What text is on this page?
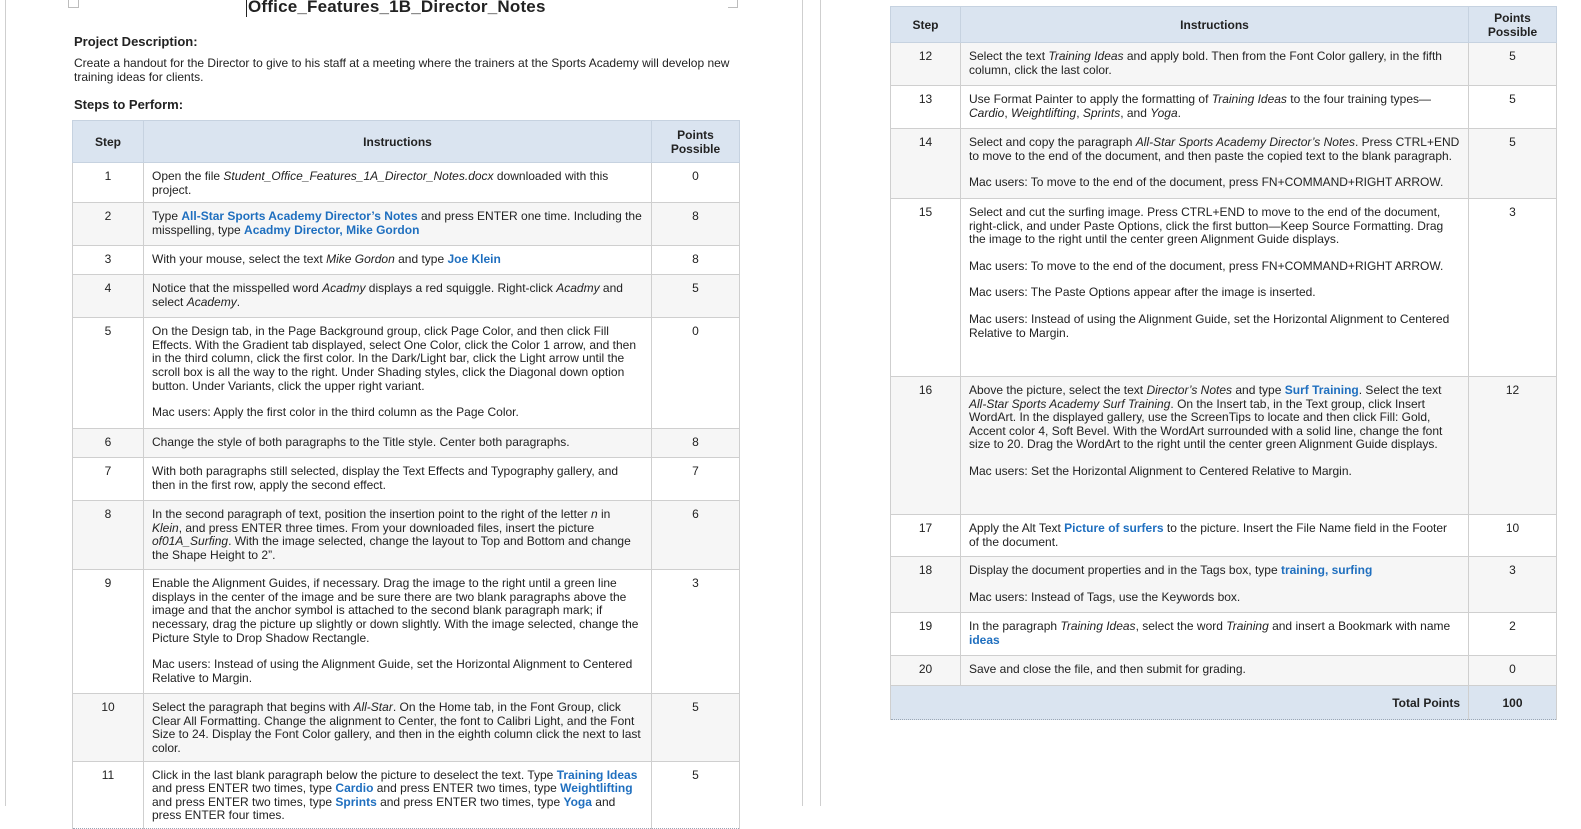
Office_Features_1B_Director_Notes
Project Description:
Create a handout for the Director to give to his staff at a meeting where the trainers at the Sports Academy will develop new training ideas for clients.
Steps to Perform:
Step	Instructions	Points Possible
1	Open the file Student_Office_Features_1A_Director_Notes.docx downloaded with this project.	0
2	Type All-Star Sports Academy Director’s Notes and press ENTER one time. Including the misspelling, type Acadmy Director, Mike Gordon	8
3	With your mouse, select the text Mike Gordon and type Joe Klein	8
4	Notice that the misspelled word Acadmy displays a red squiggle. Right-click Acadmy and select Academy.	5
5	On the Design tab, in the Page Background group, click Page Color, and then click Fill Effects. With the Gradient tab displayed, select One Color, click the Color 1 arrow, and then in the third column, click the first color. In the Dark/Light bar, click the Light arrow until the scroll box is all the way to the right. Under Shading styles, click the Diagonal down option button. Under Variants, click the upper right variant.
Mac users: Apply the first color in the third column as the Page Color.	0
6	Change the style of both paragraphs to the Title style. Center both paragraphs.	8
7	With both paragraphs still selected, display the Text Effects and Typography gallery, and then in the first row, apply the second effect.	7
8	In the second paragraph of text, position the insertion point to the right of the letter n in Klein, and press ENTER three times. From your downloaded files, insert the picture of01A_Surfing. With the image selected, change the layout to Top and Bottom and change the Shape Height to 2”.	6
9	Enable the Alignment Guides, if necessary. Drag the image to the right until a green line displays in the center of the image and be sure there are two blank paragraphs above the image and that the anchor symbol is attached to the second blank paragraph mark; if necessary, drag the picture up slightly or down slightly. With the image selected, change the Picture Style to Drop Shadow Rectangle.
Mac users: Instead of using the Alignment Guide, set the Horizontal Alignment to Centered Relative to Margin.	3
10	Select the paragraph that begins with All-Star. On the Home tab, in the Font Group, click Clear All Formatting. Change the alignment to Center, the font to Calibri Light, and the Font Size to 24. Display the Font Color gallery, and then in the eighth column click the next to last color.	5
11	Click in the last blank paragraph below the picture to deselect the text. Type Training Ideas and press ENTER two times, type Cardio and press ENTER two times, type Weightlifting and press ENTER two times, type Sprints and press ENTER two times, type Yoga and press ENTER four times.	5
Step	Instructions	Points Possible
12	Select the text Training Ideas and apply bold. Then from the Font Color gallery, in the fifth column, click the last color.	5
13	Use Format Painter to apply the formatting of Training Ideas to the four training types—Cardio, Weightlifting, Sprints, and Yoga.	5
14	Select and copy the paragraph All-Star Sports Academy Director’s Notes. Press CTRL+END to move to the end of the document, and then paste the copied text to the blank paragraph.
Mac users: To move to the end of the document, press FN+COMMAND+RIGHT ARROW.	5
15	Select and cut the surfing image. Press CTRL+END to move to the end of the document, right-click, and under Paste Options, click the first button—Keep Source Formatting. Drag the image to the right until the center green Alignment Guide displays.
Mac users: To move to the end of the document, press FN+COMMAND+RIGHT ARROW.
Mac users: The Paste Options appear after the image is inserted.
Mac users: Instead of using the Alignment Guide, set the Horizontal Alignment to Centered Relative to Margin.	3
16	Above the picture, select the text Director’s Notes and type Surf Training. Select the text All-Star Sports Academy Surf Training. On the Insert tab, in the Text group, click Insert WordArt. In the displayed gallery, use the ScreenTips to locate and then click Fill: Gold, Accent color 4, Soft Bevel. With the WordArt surrounded with a solid line, change the font size to 20. Drag the WordArt to the right until the center green Alignment Guide displays.
Mac users: Set the Horizontal Alignment to Centered Relative to Margin.	12
17	Apply the Alt Text Picture of surfers to the picture. Insert the File Name field in the Footer of the document.	10
18	Display the document properties and in the Tags box, type training, surfing
Mac users: Instead of Tags, use the Keywords box.	3
19	In the paragraph Training Ideas, select the word Training and insert a Bookmark with name ideas	2
20	Save and close the file, and then submit for grading.	0
Total Points		100
